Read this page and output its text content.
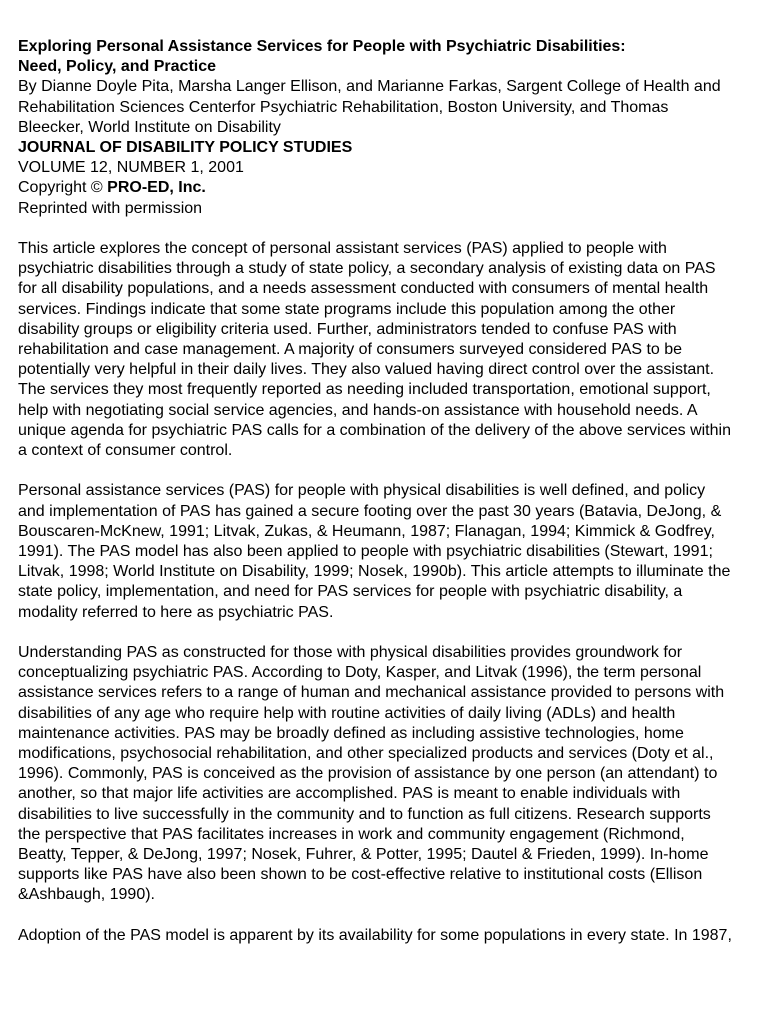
Exploring Personal Assistance Services for People with Psychiatric Disabilities:
Need, Policy, and Practice
By Dianne Doyle Pita, Marsha Langer Ellison, and Marianne Farkas, Sargent College of Health and
Rehabilitation Sciences Centerfor Psychiatric Rehabilitation, Boston University, and Thomas
Bleecker, World Institute on Disability
JOURNAL OF DISABILITY POLICY STUDIES
VOLUME 12, NUMBER 1, 2001
Copyright © PRO-ED, Inc.
Reprinted with permission
This article explores the concept of personal assistant services (PAS) applied to people with
psychiatric disabilities through a study of state policy, a secondary analysis of existing data on PAS
for all disability populations, and a needs assessment conducted with consumers of mental health
services. Findings indicate that some state programs include this population among the other
disability groups or eligibility criteria used. Further, administrators tended to confuse PAS with
rehabilitation and case management. A majority of consumers surveyed considered PAS to be
potentially very helpful in their daily lives. They also valued having direct control over the assistant.
The services they most frequently reported as needing included transportation, emotional support,
help with negotiating social service agencies, and hands-on assistance with household needs. A
unique agenda for psychiatric PAS calls for a combination of the delivery of the above services within
a context of consumer control.
Personal assistance services (PAS) for people with physical disabilities is well defined, and policy
and implementation of PAS has gained a secure footing over the past 30 years (Batavia, DeJong, &
Bouscaren-McKnew, 1991; Litvak, Zukas, & Heumann, 1987; Flanagan, 1994; Kimmick & Godfrey,
1991). The PAS model has also been applied to people with psychiatric disabilities (Stewart, 1991;
Litvak, 1998; World Institute on Disability, 1999; Nosek, 1990b). This article attempts to illuminate the
state policy, implementation, and need for PAS services for people with psychiatric disability, a
modality referred to here as psychiatric PAS.
Understanding PAS as constructed for those with physical disabilities provides groundwork for
conceptualizing psychiatric PAS. According to Doty, Kasper, and Litvak (1996), the term personal
assistance services refers to a range of human and mechanical assistance provided to persons with
disabilities of any age who require help with routine activities of daily living (ADLs) and health
maintenance activities. PAS may be broadly defined as including assistive technologies, home
modifications, psychosocial rehabilitation, and other specialized products and services (Doty et al.,
1996). Commonly, PAS is conceived as the provision of assistance by one person (an attendant) to
another, so that major life activities are accomplished. PAS is meant to enable individuals with
disabilities to live successfully in the community and to function as full citizens. Research supports
the perspective that PAS facilitates increases in work and community engagement (Richmond,
Beatty, Tepper, & DeJong, 1997; Nosek, Fuhrer, & Potter, 1995; Dautel & Frieden, 1999). In-home
supports like PAS have also been shown to be cost-effective relative to institutional costs (Ellison
&Ashbaugh, 1990).
Adoption of the PAS model is apparent by its availability for some populations in every state. In 1987,
